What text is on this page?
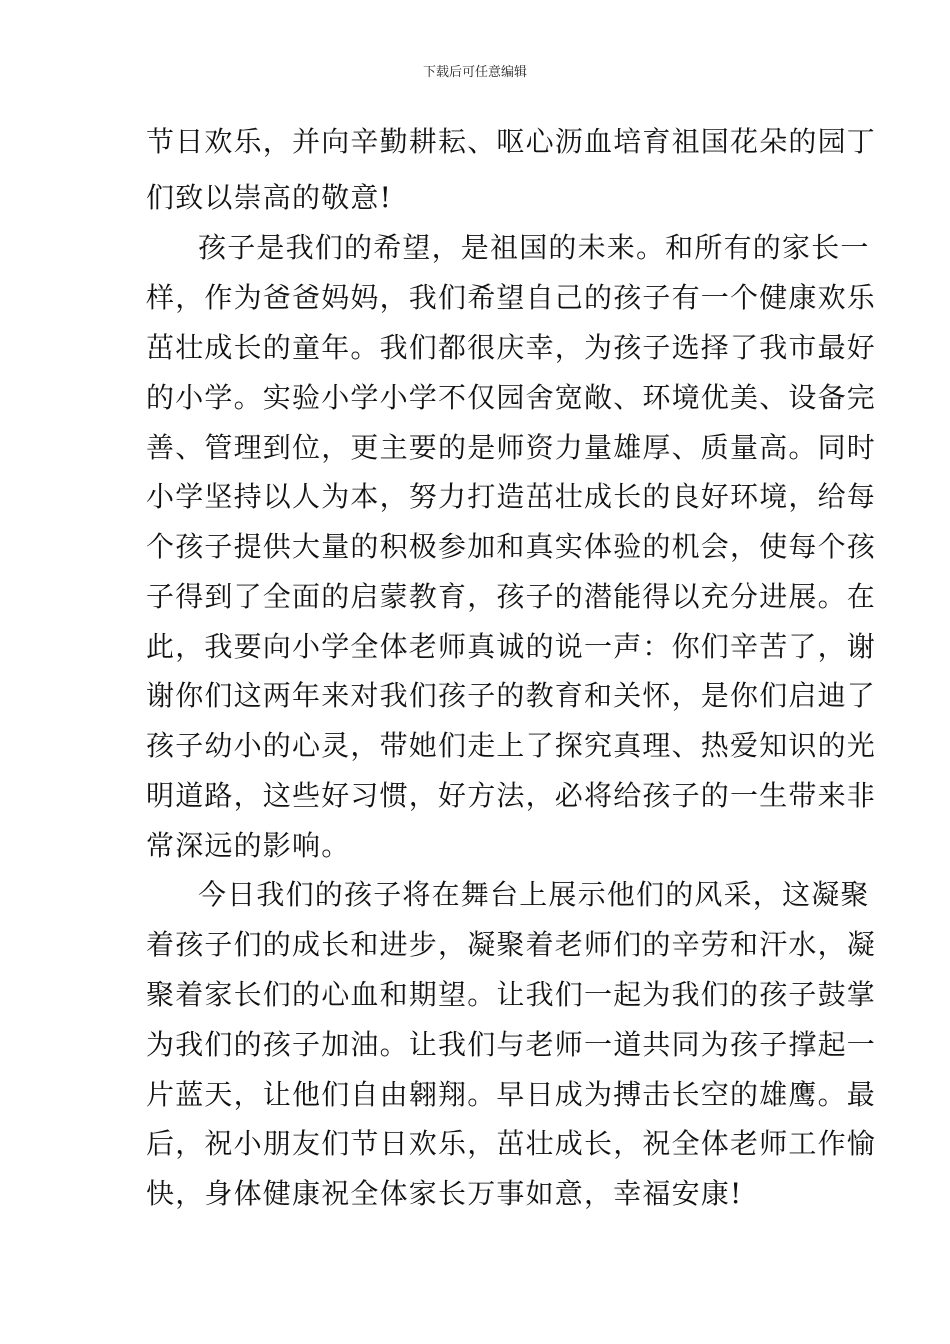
下载后可任意编辑
节日欢乐，并向辛勤耕耘、呕心沥血培育祖国花朵的园丁
们致以崇高的敬意!
孩子是我们的希望，是祖国的未来。和所有的家长一
样，作为爸爸妈妈，我们希望自己的孩子有一个健康欢乐
茁壮成长的童年。我们都很庆幸，为孩子选择了我市最好
的小学。实验小学小学不仅园舍宽敞、环境优美、设备完
善、管理到位，更主要的是师资力量雄厚、质量高。同时
小学坚持以人为本，努力打造茁壮成长的良好环境，给每
个孩子提供大量的积极参加和真实体验的机会，使每个孩
子得到了全面的启蒙教育，孩子的潜能得以充分进展。在
此，我要向小学全体老师真诚的说一声：你们辛苦了，谢
谢你们这两年来对我们孩子的教育和关怀，是你们启迪了
孩子幼小的心灵，带她们走上了探究真理、热爱知识的光
明道路，这些好习惯，好方法，必将给孩子的一生带来非
常深远的影响。
今日我们的孩子将在舞台上展示他们的风采，这凝聚
着孩子们的成长和进步，凝聚着老师们的辛劳和汗水，凝
聚着家长们的心血和期望。让我们一起为我们的孩子鼓掌
为我们的孩子加油。让我们与老师一道共同为孩子撑起一
片蓝天，让他们自由翱翔。早日成为搏击长空的雄鹰。最
后，祝小朋友们节日欢乐，茁壮成长，祝全体老师工作愉
快，身体健康祝全体家长万事如意，幸福安康!
